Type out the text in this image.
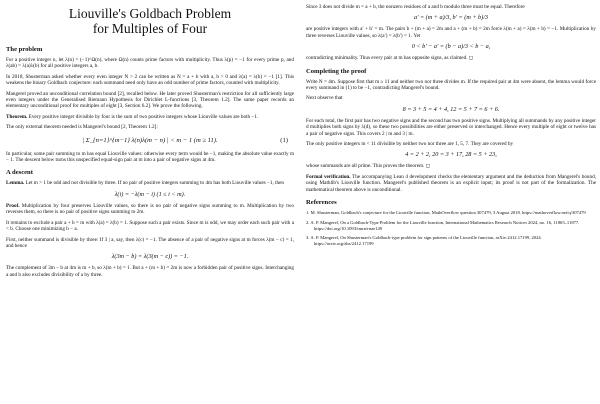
Liouville's Goldbach Problem
for Multiples of Four
The problem

For a positive integer n, let λ(n) = (−1)^Ω(n), where Ω(n) counts prime factors with multiplicity. Thus λ(p) = −1 for every prime p, and λ(ab) = λ(a)λ(b) for all positive integers a, b.

In 2018, Shusterman asked whether every even integer N > 2 can be written as N = a + b with a, b > 0 and λ(a) = λ(b) = −1 [1]. This weakens the binary Goldbach conjecture: each summand need only have an odd number of prime factors, counted with multiplicity.

Mangerel proved an unconditional correlation bound [2], recalled below. He later proved Shusterman's restriction for all sufficiently large even integers under the Generalised Riemann Hypothesis for Dirichlet L-functions [3, Theorem 1.2]. The same paper records an elementary unconditional proof for multiples of eight [3, Section 6.2]. We prove the following.

Theorem. Every positive integer divisible by four is the sum of two positive integers whose Liouville values are both −1.

The only external theorem needed is Mangerel's bound [2, Theorem 1.2]:

| Σ_{n=1}^{m−1} λ(n)λ(m − n) | < m − 1 (m ≥ 11).	(1)

In particular, some pair summing to m has equal Liouville values: otherwise every term would be −1, making the absolute value exactly m − 1. The descent below turns this unspecified equal-sign pair at m into a pair of negative signs at 4m.

A descent

Lemma. Let m > 1 be odd and not divisible by three. If no pair of positive integers summing to 4m has both Liouville values −1, then

λ(i) = −λ(m − i) (1 ≤ i < m).

Proof. Multiplication by four preserves Liouville values, so there is no pair of negative signs summing to m. Multiplication by two reverses them, so there is no pair of positive signs summing to 2m.

It remains to exclude a pair a + b = m with λ(a) = λ(b) = 1. Suppose such a pair exists. Since m is odd, we may order each such pair with a < b. Choose one minimizing b − a.

First, neither summand is divisible by three: If 3 | a, say, then λ(c) = −1. The absence of a pair of negative signs at m forces λ(m − c) = 1, and hence

λ(3m − b) = λ(3(m − c)) = −1.

The complement of 3m − b at 4m is m + b, so λ(m + b) = 1. But a + (m + b) = 2m is now a forbidden pair of positive signs. Interchanging a and b also excludes divisibility of a by three.

Since 3 does not divide m = a + b, the nonzero residues of a and b modulo three must be equal. Therefore

a′ = (m + a)/3, b′ = (m + b)/3

are positive integers with a′ + b′ = m. The pairs b + (m + a) = 2m and a + (m + b) = 2m force λ(m + a) = λ(m + b) = −1. Multiplication by three reverses Liouville values, so λ(a′) = λ(b′) = 1. Yet

0 < b′ − a′ = (b − a)/3 < b − a,

contradicting minimality. Thus every pair at m has opposite signs, as claimed. ◻

Completing the proof

Write N = 4m. Suppose first that m ≥ 11 and neither two nor three divides m. If the required pair at 4m were absent, the lemma would force every summand in (1) to be −1, contradicting Mangerel's bound.

Next observe that

8 = 3 + 5 = 4 + 4, 12 = 5 + 7 = 6 + 6.

For each total, the first pair has two negative signs and the second has two positive signs. Multiplying all summands by any positive integer d multiplies both signs by λ(d), so these two possibilities are either preserved or interchanged. Hence every multiple of eight or twelve has a pair of negative signs. This covers 2 | m and 3 | m.

The only positive integers m < 11 divisible by neither two nor three are 1, 5, 7. They are covered by

4 = 2 + 2, 20 = 3 + 17, 28 = 5 + 23,

whose summands are all prime. This proves the theorem. ◻

Formal verification. The accompanying Lean 4 development checks the elementary argument and the deduction from Mangerel's bound, using Mathlib's Liouville function. Mangerel's published theorem is an explicit input; its proof is not part of the formalization. The mathematical theorem above is unconditional.

References

1. M. Shusterman, Goldbach's conjecture for the Liouville function, MathOverflow question 307479, 3 August 2018. https://mathoverflow.net/q/307479

2. A. P. Mangerel, On a Goldbach-Type Problem for the Liouville function, International Mathematics Research Notices 2024, no. 16, 11865–11877. https://doi.org/10.1093/imrn/rnae149

3. A. P. Mangerel, On Shusterman's Goldbach-type problem for sign patterns of the Liouville function, arXiv:2412.17199, 2024. https://arxiv.org/abs/2412.17199
